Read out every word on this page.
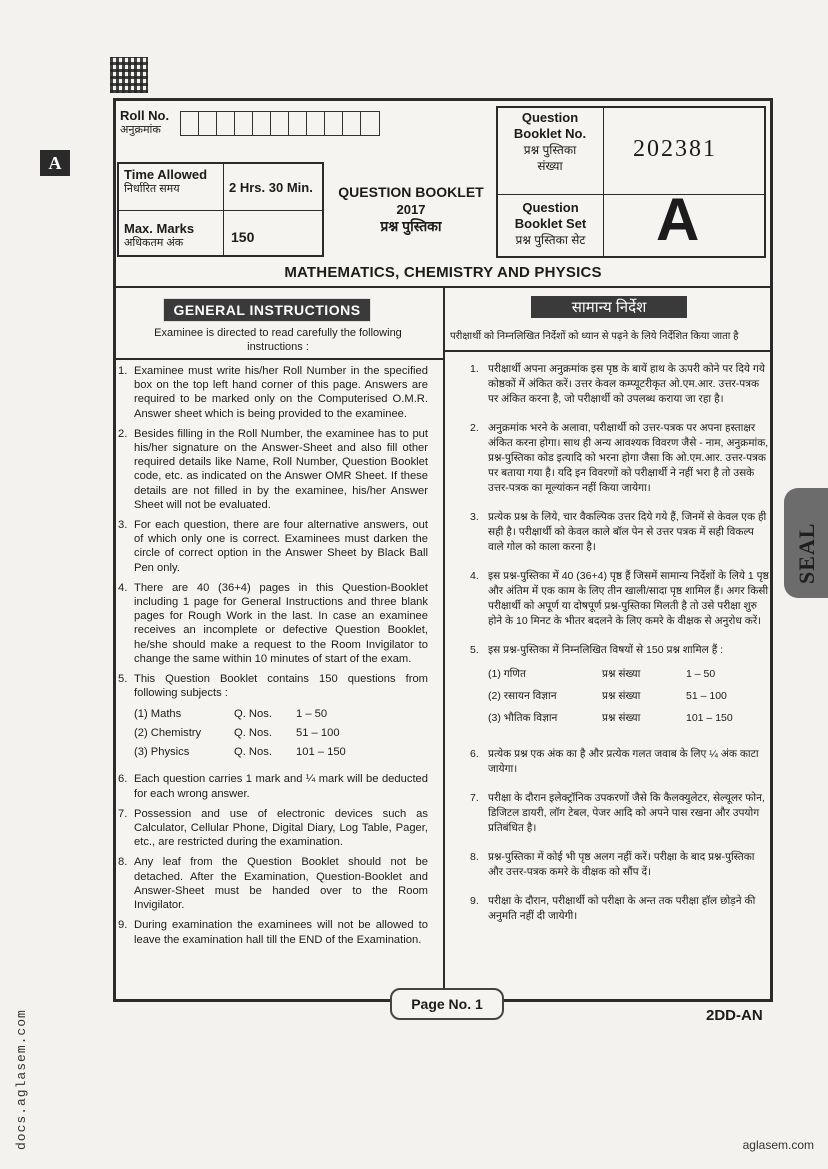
A
SEAL
docs.aglasem.com	aglasem.com
Roll No.
अनुक्रमांक
Time Allowed
निर्धारित समय	2 Hrs. 30 Min.
Max. Marks
अधिकतम अंक	150
QUESTION BOOKLET
2017
प्रश्न पुस्तिका
Question
Booklet No.
प्रश्न पुस्तिका
संख्या
202381
Question
Booklet Set
प्रश्न पुस्तिका सेट A
MATHEMATICS, CHEMISTRY AND PHYSICS
GENERAL INSTRUCTIONS	सामान्य निर्देश
Examinee is directed to read carefully the following instructions :
परीक्षार्थी को निम्नलिखित निर्देशों को ध्यान से पढ़ने के लिये निर्देशित किया जाता है
1. Examinee must write his/her Roll Number in the specified box on the top left hand corner of this page. Answers are required to be marked only on the Computerised O.M.R. Answer sheet which is being provided to the examinee.
2. Besides filling in the Roll Number, the examinee has to put his/her signature on the Answer-Sheet and also fill other required details like Name, Roll Number, Question Booklet code, etc. as indicated on the Answer OMR Sheet. If these details are not filled in by the examinee, his/her Answer Sheet will not be evaluated.
3. For each question, there are four alternative answers, out of which only one is correct. Examinees must darken the circle of correct option in the Answer Sheet by Black Ball Pen only.
4. There are 40 (36+4) pages in this Question-Booklet including 1 page for General Instructions and three blank pages for Rough Work in the last. In case an examinee receives an incomplete or defective Question Booklet, he/she should make a request to the Room Invigilator to change the same within 10 minutes of start of the exam.
5. This Question Booklet contains 150 questions from following subjects :
(1) Maths	Q. Nos.	1 – 50
(2) Chemistry	Q. Nos.	51 – 100
(3) Physics	Q. Nos.	101 – 150
6. Each question carries 1 mark and ¼ mark will be deducted for each wrong answer.
7. Possession and use of electronic devices such as Calculator, Cellular Phone, Digital Diary, Log Table, Pager, etc., are restricted during the examination.
8. Any leaf from the Question Booklet should not be detached. After the Examination, Question-Booklet and Answer-Sheet must be handed over to the Room Invigilator.
9. During examination the examinees will not be allowed to leave the examination hall till the END of the Examination.
1. परीक्षार्थी अपना अनुक्रमांक इस पृष्ठ के बायें हाथ के ऊपरी कोने पर दिये गये कोष्ठकों में अंकित करें। उत्तर केवल कम्प्यूटरीकृत ओ.एम.आर. उत्तर-पत्रक पर अंकित करना है, जो परीक्षार्थी को उपलब्ध कराया जा रहा है।
2. अनुक्रमांक भरने के अलावा, परीक्षार्थी को उत्तर-पत्रक पर अपना हस्ताक्षर अंकित करना होगा। साथ ही अन्य आवश्यक विवरण जैसे - नाम, अनुक्रमांक, प्रश्न-पुस्तिका कोड इत्यादि को भरना होगा जैसा कि ओ.एम.आर. उत्तर-पत्रक पर बताया गया है। यदि इन विवरणों को परीक्षार्थी ने नहीं भरा है तो उसके उत्तर-पत्रक का मूल्यांकन नहीं किया जायेगा।
3. प्रत्येक प्रश्न के लिये, चार वैकल्पिक उत्तर दिये गये हैं, जिनमें से केवल एक ही सही है। परीक्षार्थी को केवल काले बॉल पेन से उत्तर पत्रक में सही विकल्प वाले गोल को काला करना है।
4. इस प्रश्न-पुस्तिका में 40 (36+4) पृष्ठ हैं जिसमें सामान्य निर्देशों के लिये 1 पृष्ठ और अंतिम में एक काम के लिए तीन खाली/सादा पृष्ठ शामिल हैं। अगर किसी परीक्षार्थी को अपूर्ण या दोषपूर्ण प्रश्न-पुस्तिका मिलती है तो उसे परीक्षा शुरु होने के 10 मिनट के भीतर बदलने के लिए कमरे के वीक्षक से अनुरोध करें।
5. इस प्रश्न-पुस्तिका में निम्नलिखित विषयों से 150 प्रश्न शामिल हैं :
(1) गणित	प्रश्न संख्या	1 – 50
(2) रसायन विज्ञान	प्रश्न संख्या	51 – 100
(3) भौतिक विज्ञान	प्रश्न संख्या	101 – 150
6. प्रत्येक प्रश्न एक अंक का है और प्रत्येक गलत जवाब के लिए ¼ अंक काटा जायेगा।
7. परीक्षा के दौरान इलेक्ट्रॉनिक उपकरणों जैसे कि कैलक्युलेटर, सेल्यूलर फोन, डिजिटल डायरी, लॉग टेबल, पेजर आदि को अपने पास रखना और उपयोग प्रतिबंधित है।
8. प्रश्न-पुस्तिका में कोई भी पृष्ठ अलग नहीं करें। परीक्षा के बाद प्रश्न-पुस्तिका और उत्तर-पत्रक कमरे के वीक्षक को सौंप दें।
9. परीक्षा के दौरान, परीक्षार्थी को परीक्षा के अन्त तक परीक्षा हॉल छोड़ने की अनुमति नहीं दी जायेगी।
Page No. 1
2DD-AN
